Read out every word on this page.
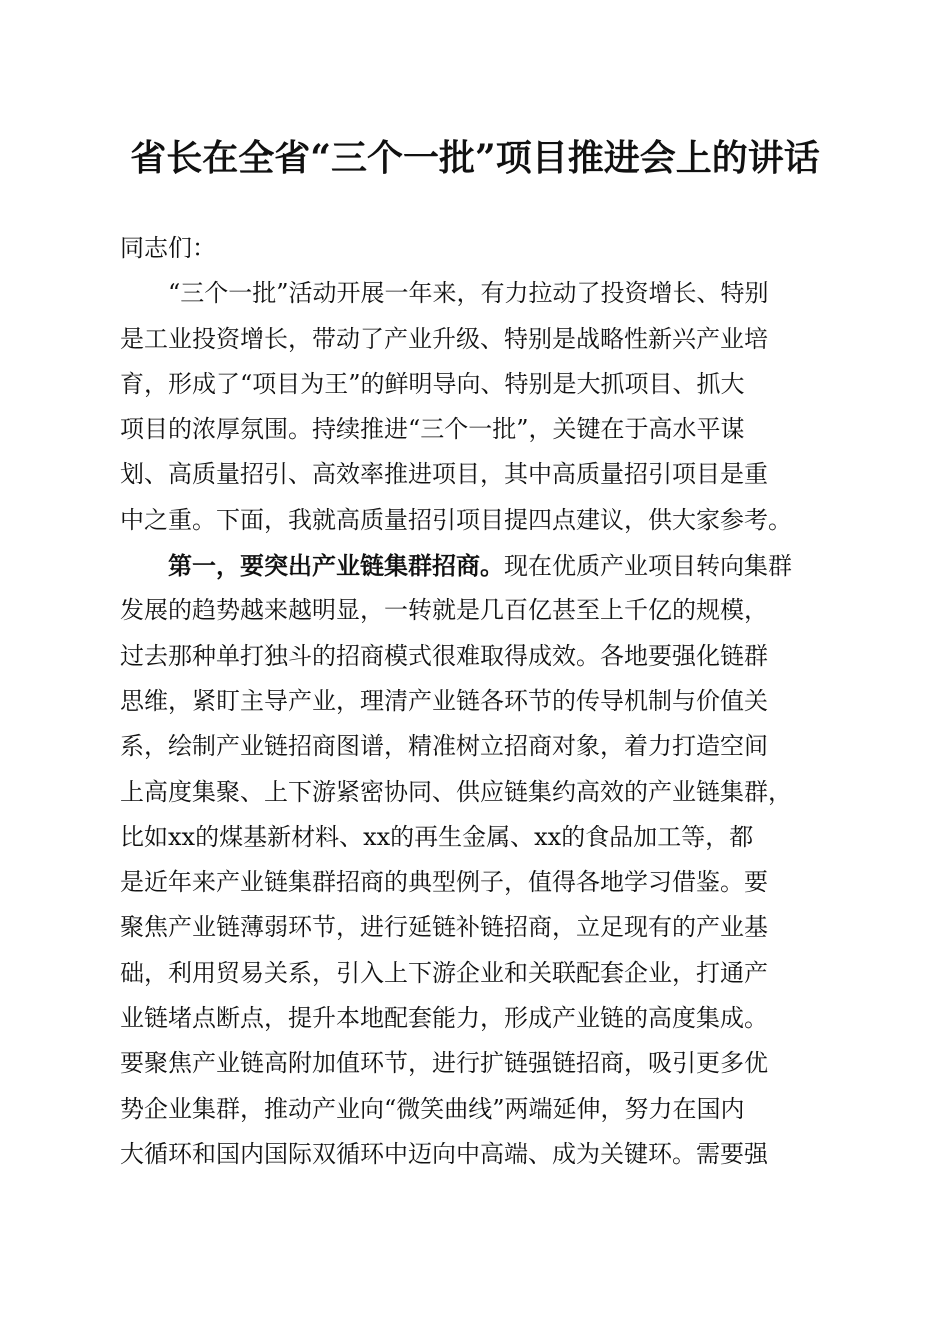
省长在全省“三个一批”项目推进会上的讲话
同志们：
“三个一批”活动开展一年来，有力拉动了投资增长、特别
是工业投资增长，带动了产业升级、特别是战略性新兴产业培
育，形成了“项目为王”的鲜明导向、特别是大抓项目、抓大
项目的浓厚氛围。持续推进“三个一批”，关键在于高水平谋
划、高质量招引、高效率推进项目，其中高质量招引项目是重
中之重。下面，我就高质量招引项目提四点建议，供大家参考。
第一，要突出产业链集群招商。现在优质产业项目转向集群
发展的趋势越来越明显，一转就是几百亿甚至上千亿的规模，
过去那种单打独斗的招商模式很难取得成效。各地要强化链群
思维，紧盯主导产业，理清产业链各环节的传导机制与价值关
系，绘制产业链招商图谱，精准树立招商对象，着力打造空间
上高度集聚、上下游紧密协同、供应链集约高效的产业链集群，
比如xx的煤基新材料、xx的再生金属、xx的食品加工等，都
是近年来产业链集群招商的典型例子，值得各地学习借鉴。要
聚焦产业链薄弱环节，进行延链补链招商，立足现有的产业基
础，利用贸易关系，引入上下游企业和关联配套企业，打通产
业链堵点断点，提升本地配套能力，形成产业链的高度集成。
要聚焦产业链高附加值环节，进行扩链强链招商，吸引更多优
势企业集群，推动产业向“微笑曲线”两端延伸，努力在国内
大循环和国内国际双循环中迈向中高端、成为关键环。需要强
